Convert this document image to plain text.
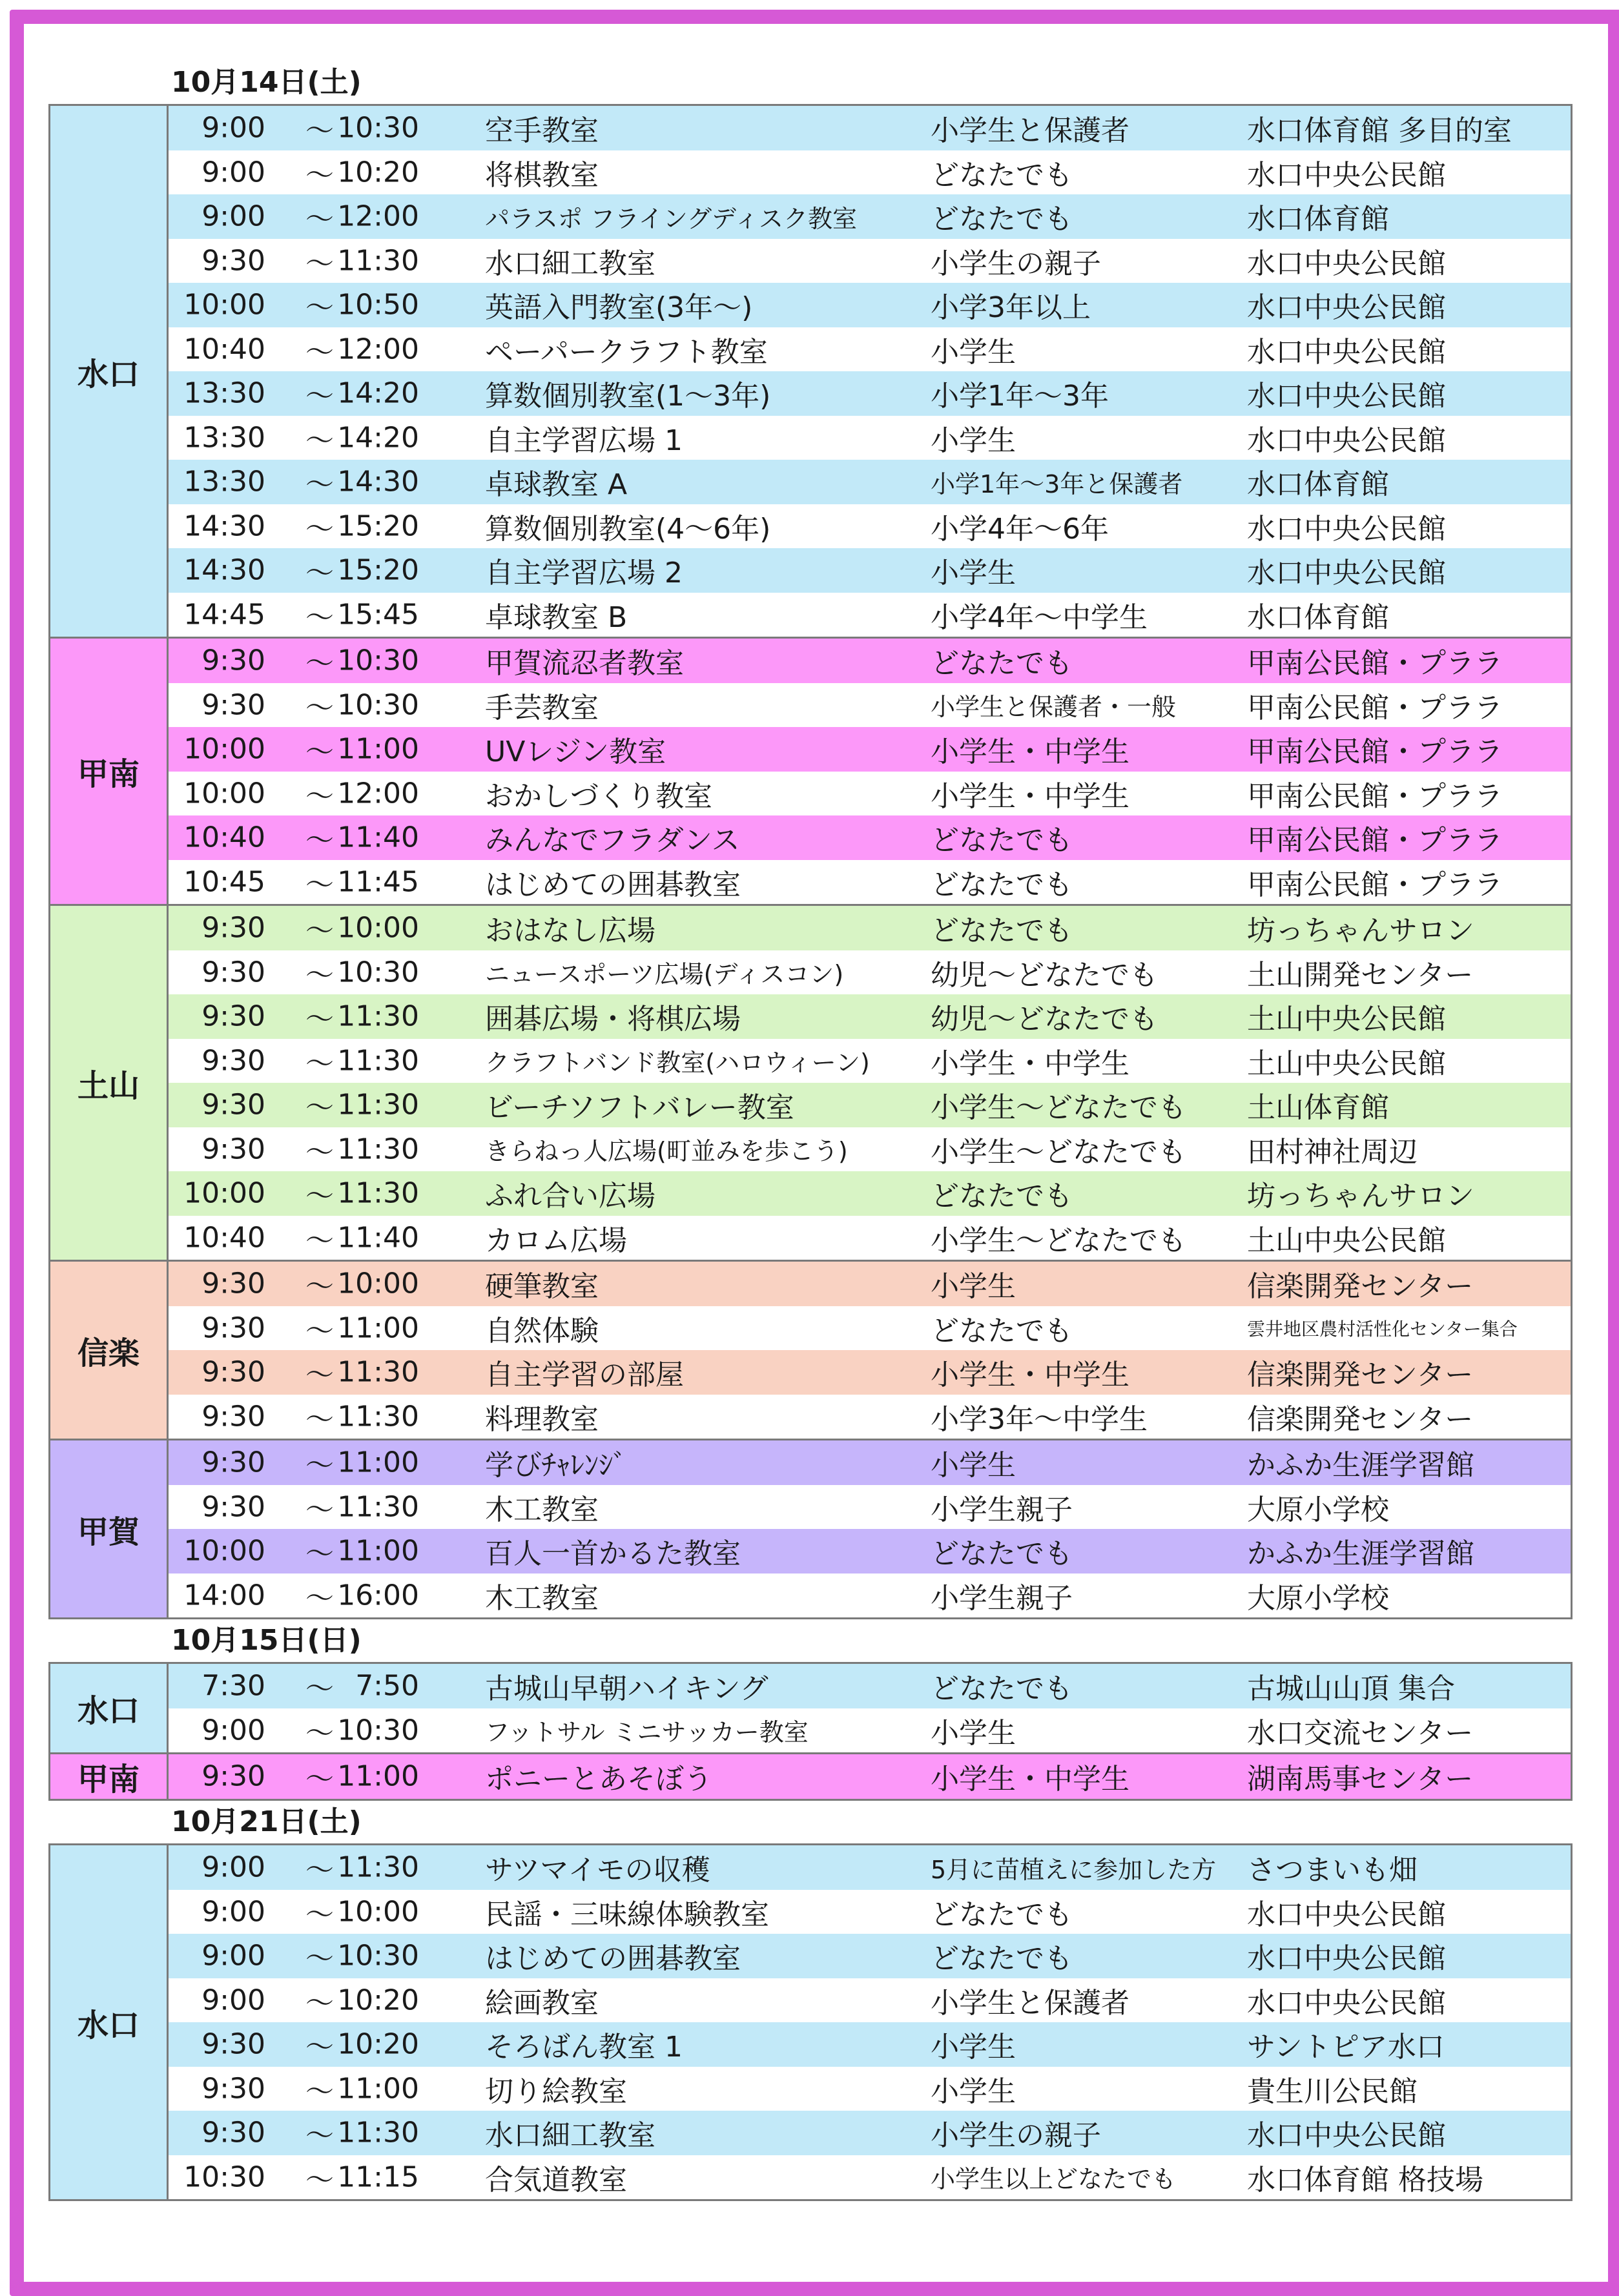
10月14日(土)
水口
9:00 ～ 10:30	空手教室	小学生と保護者	水口体育館 多目的室
9:00 ～ 10:20	将棋教室	どなたでも	水口中央公民館
9:00 ～ 12:00	パラスポ フライングディスク教室	どなたでも	水口体育館
9:30 ～ 11:30	水口細工教室	小学生の親子	水口中央公民館
10:00 ～ 10:50	英語入門教室(3年～)	小学3年以上	水口中央公民館
10:40 ～ 12:00	ペーパークラフト教室	小学生	水口中央公民館
13:30 ～ 14:20	算数個別教室(1～3年)	小学1年～3年	水口中央公民館
13:30 ～ 14:20	自主学習広場 1	小学生	水口中央公民館
13:30 ～ 14:30	卓球教室 A	小学1年～3年と保護者	水口体育館
14:30 ～ 15:20	算数個別教室(4～6年)	小学4年～6年	水口中央公民館
14:30 ～ 15:20	自主学習広場 2	小学生	水口中央公民館
14:45 ～ 15:45	卓球教室 B	小学4年～中学生	水口体育館
甲南
9:30 ～ 10:30	甲賀流忍者教室	どなたでも	甲南公民館・プララ
9:30 ～ 10:30	手芸教室	小学生と保護者・一般	甲南公民館・プララ
10:00 ～ 11:00	UVレジン教室	小学生・中学生	甲南公民館・プララ
10:00 ～ 12:00	おかしづくり教室	小学生・中学生	甲南公民館・プララ
10:40 ～ 11:40	みんなでフラダンス	どなたでも	甲南公民館・プララ
10:45 ～ 11:45	はじめての囲碁教室	どなたでも	甲南公民館・プララ
土山
9:30 ～ 10:00	おはなし広場	どなたでも	坊っちゃんサロン
9:30 ～ 10:30	ニュースポーツ広場(ディスコン)	幼児～どなたでも	土山開発センター
9:30 ～ 11:30	囲碁広場・将棋広場	幼児～どなたでも	土山中央公民館
9:30 ～ 11:30	クラフトバンド教室(ハロウィーン)	小学生・中学生	土山中央公民館
9:30 ～ 11:30	ビーチソフトバレー教室	小学生～どなたでも	土山体育館
9:30 ～ 11:30	きらねっ人広場(町並みを歩こう)	小学生～どなたでも	田村神社周辺
10:00 ～ 11:30	ふれ合い広場	どなたでも	坊っちゃんサロン
10:40 ～ 11:40	カロム広場	小学生～どなたでも	土山中央公民館
信楽
9:30 ～ 10:00	硬筆教室	小学生	信楽開発センター
9:30 ～ 11:00	自然体験	どなたでも	雲井地区農村活性化センター集合
9:30 ～ 11:30	自主学習の部屋	小学生・中学生	信楽開発センター
9:30 ～ 11:30	料理教室	小学3年～中学生	信楽開発センター
甲賀
9:30 ～ 11:00	学びﾁｬﾚﾝｼﾞ	小学生	かふか生涯学習館
9:30 ～ 11:30	木工教室	小学生親子	大原小学校
10:00 ～ 11:00	百人一首かるた教室	どなたでも	かふか生涯学習館
14:00 ～ 16:00	木工教室	小学生親子	大原小学校
10月15日(日)
水口
7:30 ～ 7:50	古城山早朝ハイキング	どなたでも	古城山山頂 集合
9:00 ～ 10:30	フットサル ミニサッカー教室	小学生	水口交流センター
甲南	9:30 ～ 11:00	ポニーとあそぼう	小学生・中学生	湖南馬事センター
10月21日(土)
水口
9:00 ～ 11:30	サツマイモの収穫	5月に苗植えに参加した方	さつまいも畑
9:00 ～ 10:00	民謡・三味線体験教室	どなたでも	水口中央公民館
9:00 ～ 10:30	はじめての囲碁教室	どなたでも	水口中央公民館
9:00 ～ 10:20	絵画教室	小学生と保護者	水口中央公民館
9:30 ～ 10:20	そろばん教室 1	小学生	サントピア水口
9:30 ～ 11:00	切り絵教室	小学生	貴生川公民館
9:30 ～ 11:30	水口細工教室	小学生の親子	水口中央公民館
10:30 ～ 11:15	合気道教室	小学生以上どなたでも	水口体育館 格技場
